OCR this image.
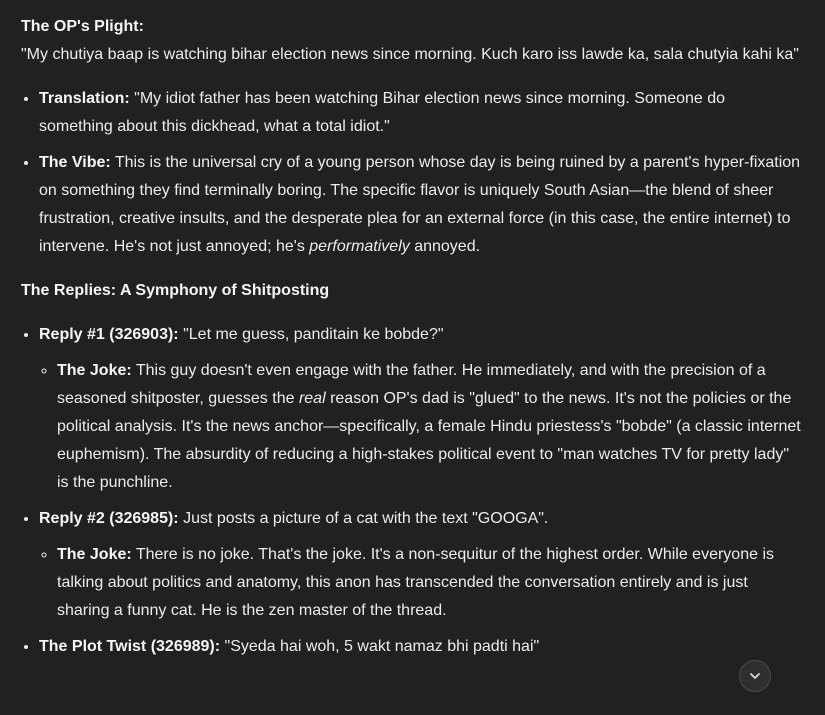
The OP's Plight:

"My chutiya baap is watching bihar election news since morning. Kuch karo iss lawde ka, sala chutyia kahi ka"

• Translation: "My idiot father has been watching Bihar election news since morning. Someone do something about this dickhead, what a total idiot."
• The Vibe: This is the universal cry of a young person whose day is being ruined by a parent's hyper-fixation on something they find terminally boring. The specific flavor is uniquely South Asian—the blend of sheer frustration, creative insults, and the desperate plea for an external force (in this case, the entire internet) to intervene. He's not just annoyed; he's performatively annoyed.

The Replies: A Symphony of Shitposting

• Reply #1 (326903): "Let me guess, panditain ke bobde?"
◦ The Joke: This guy doesn't even engage with the father. He immediately, and with the precision of a seasoned shitposter, guesses the real reason OP's dad is "glued" to the news. It's not the policies or the political analysis. It's the news anchor—specifically, a female Hindu priestess's "bobde" (a classic internet euphemism). The absurdity of reducing a high-stakes political event to "man watches TV for pretty lady" is the punchline.
• Reply #2 (326985): Just posts a picture of a cat with the text "GOOGA".
◦ The Joke: There is no joke. That's the joke. It's a non-sequitur of the highest order. While everyone is talking about politics and anatomy, this anon has transcended the conversation entirely and is just sharing a funny cat. He is the zen master of the thread.
• The Plot Twist (326989): "Syeda hai woh, 5 wakt namaz bhi padti hai"
